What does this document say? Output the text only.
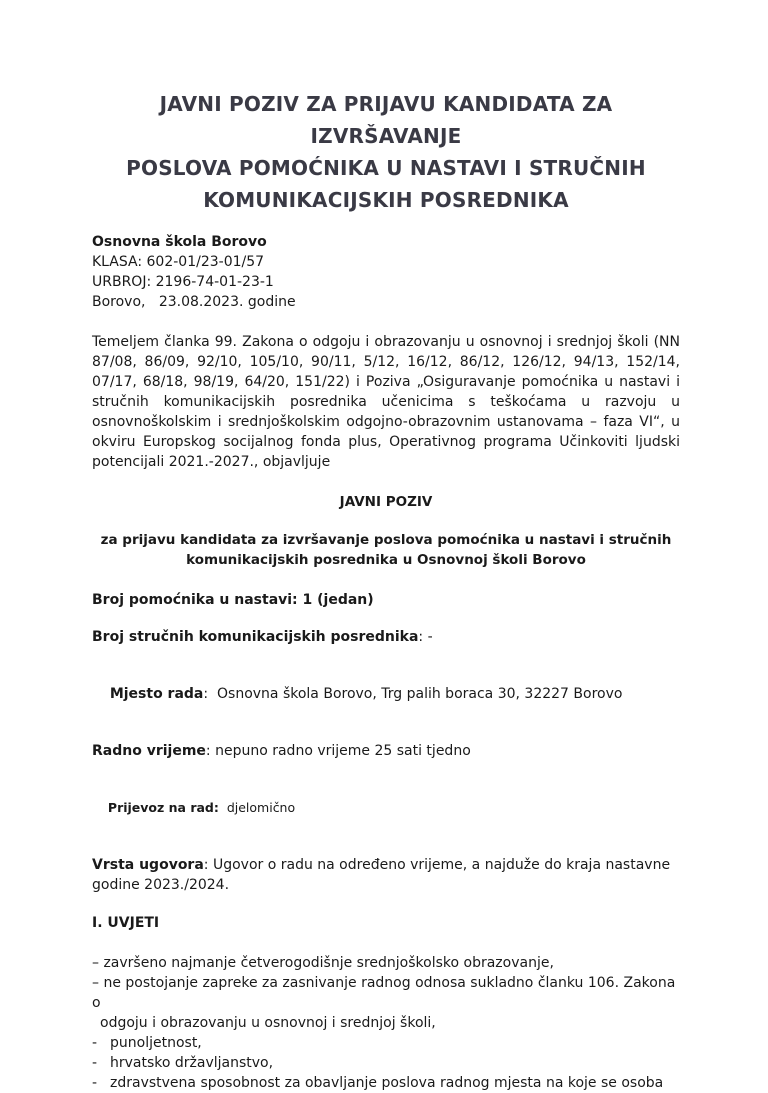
JAVNI POZIV ZA PRIJAVU KANDIDATA ZA IZVRŠAVANJE
POSLOVA POMOĆNIKA U NASTAVI I STRUČNIH
KOMUNIKACIJSKIH POSREDNIKA
Osnovna škola Borovo
KLASA: 602-01/23-01/57
URBROJ: 2196-74-01-23-1
Borovo,   23.08.2023. godine

Temeljem članka 99. Zakona o odgoju i obrazovanju u osnovnoj i srednjoj školi (NN 87/08, 86/09, 92/10, 105/10, 90/11, 5/12, 16/12, 86/12, 126/12, 94/13, 152/14, 07/17, 68/18, 98/19, 64/20, 151/22) i Poziva „Osiguravanje pomoćnika u nastavi i stručnih komunikacijskih posrednika učenicima s teškoćama u razvoju u osnovnoškolskim i srednjoškolskim odgojno-obrazovnim ustanovama – faza VI“, u okviru Europskog socijalnog fonda plus, Operativnog programa Učinkoviti ljudski potencijali 2021.-2027., objavljuje

JAVNI POZIV
za prijavu kandidata za izvršavanje poslova pomoćnika u nastavi i stručnih
komunikacijskih posrednika u Osnovnoj školi Borovo
Broj pomoćnika u nastavi: 1 (jedan)
Broj stručnih komunikacijskih posrednika: -

Mjesto rada:  Osnovna škola Borovo, Trg palih boraca 30, 32227 Borovo

Radno vrijeme: nepuno radno vrijeme 25 sati tjedno

Prijevoz na rad:  djelomično

Vrsta ugovora: Ugovor o radu na određeno vrijeme, a najduže do kraja nastavne godine 2023./2024.
I. UVJETI
– završeno najmanje četverogodišnje srednjoškolsko obrazovanje,
– ne postojanje zapreke za zasnivanje radnog odnosa sukladno članku 106. Zakona o
odgoju i obrazovanju u osnovnoj i srednjoj školi,
- punoljetnost,
- hrvatsko državljanstvo,
- zdravstvena sposobnost za obavljanje poslova radnog mjesta na koje se osoba
